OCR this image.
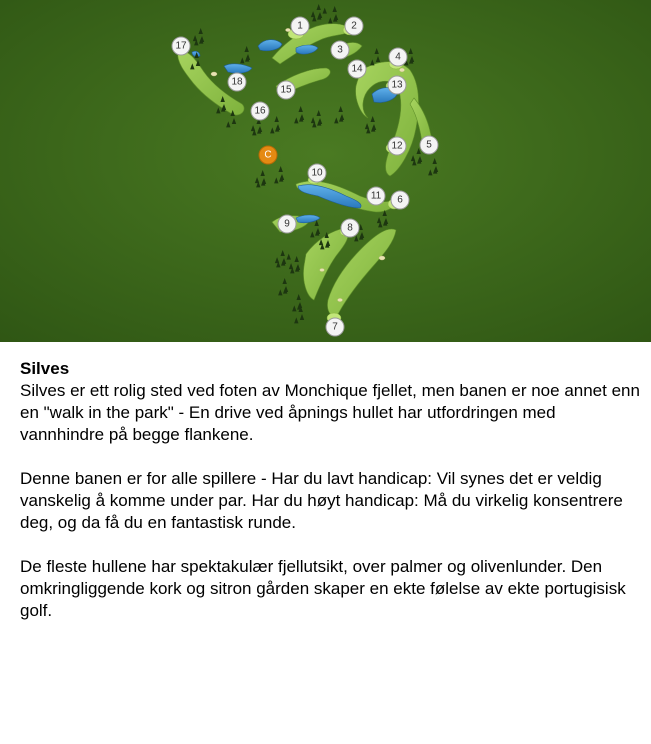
1	2
3
4
5
6
7
8
9
10
11
12
13
14
15
16
17
18
C
Silves

Silves er ett rolig sted ved foten av Monchique fjellet, men banen er noe annet enn en "walk in the park" - En drive ved åpnings hullet har utfordringen med vannhindre på begge flankene.

Denne banen er for alle spillere - Har du lavt handicap: Vil synes det er veldig vanskelig å komme under par. Har du høyt handicap: Må du virkelig konsentrere deg, og da få du en fantastisk runde.

De fleste hullene har spektakulær fjellutsikt, over palmer og olivenlunder. Den omkringliggende kork og sitron gården skaper en ekte følelse av ekte portugisisk golf.
